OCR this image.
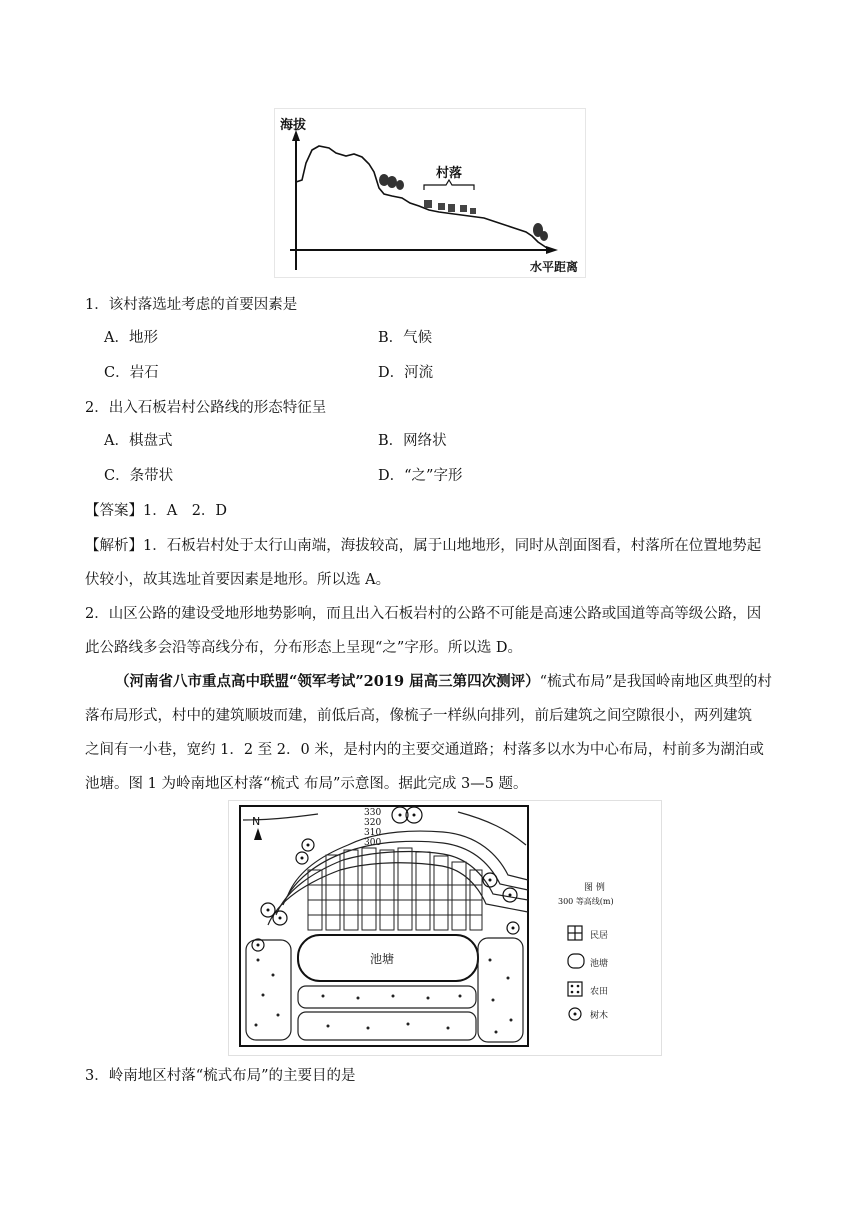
海拔
水平距离
村落
1．该村落选址考虑的首要因素是
A．地形	B．气候
C．岩石	D．河流
2．出入石板岩村公路线的形态特征呈
A．棋盘式	B．网络状
C．条带状	D．“之”字形
【答案】1．A　2．D
【解析】1．石板岩村处于太行山南端，海拔较高，属于山地地形，同时从剖面图看，村落所在位置地势起
伏较小，故其选址首要因素是地形。所以选 A。
2．山区公路的建设受地形地势影响，而且出入石板岩村的公路不可能是高速公路或国道等高等级公路，因
此公路线多会沿等高线分布，分布形态上呈现“之”字形。所以选 D。
（河南省八市重点高中联盟“领军考试”2019 届高三第四次测评）“梳式布局”是我国岭南地区典型的村
落布局形式，村中的建筑顺坡而建，前低后高，像梳子一样纵向排列，前后建筑之间空隙很小，两列建筑
之间有一小巷，宽约 1．2 至 2．0 米，是村内的主要交通道路；村落多以水为中心布局，村前多为湖泊或
池塘。图 1 为岭南地区村落“梳式 布局”示意图。据此完成 3—5 题。
N
330
320
310
300
池塘
图 例
300 等高线(m)
民居
池塘
农田
树木
3．岭南地区村落“梳式布局”的主要目的是
